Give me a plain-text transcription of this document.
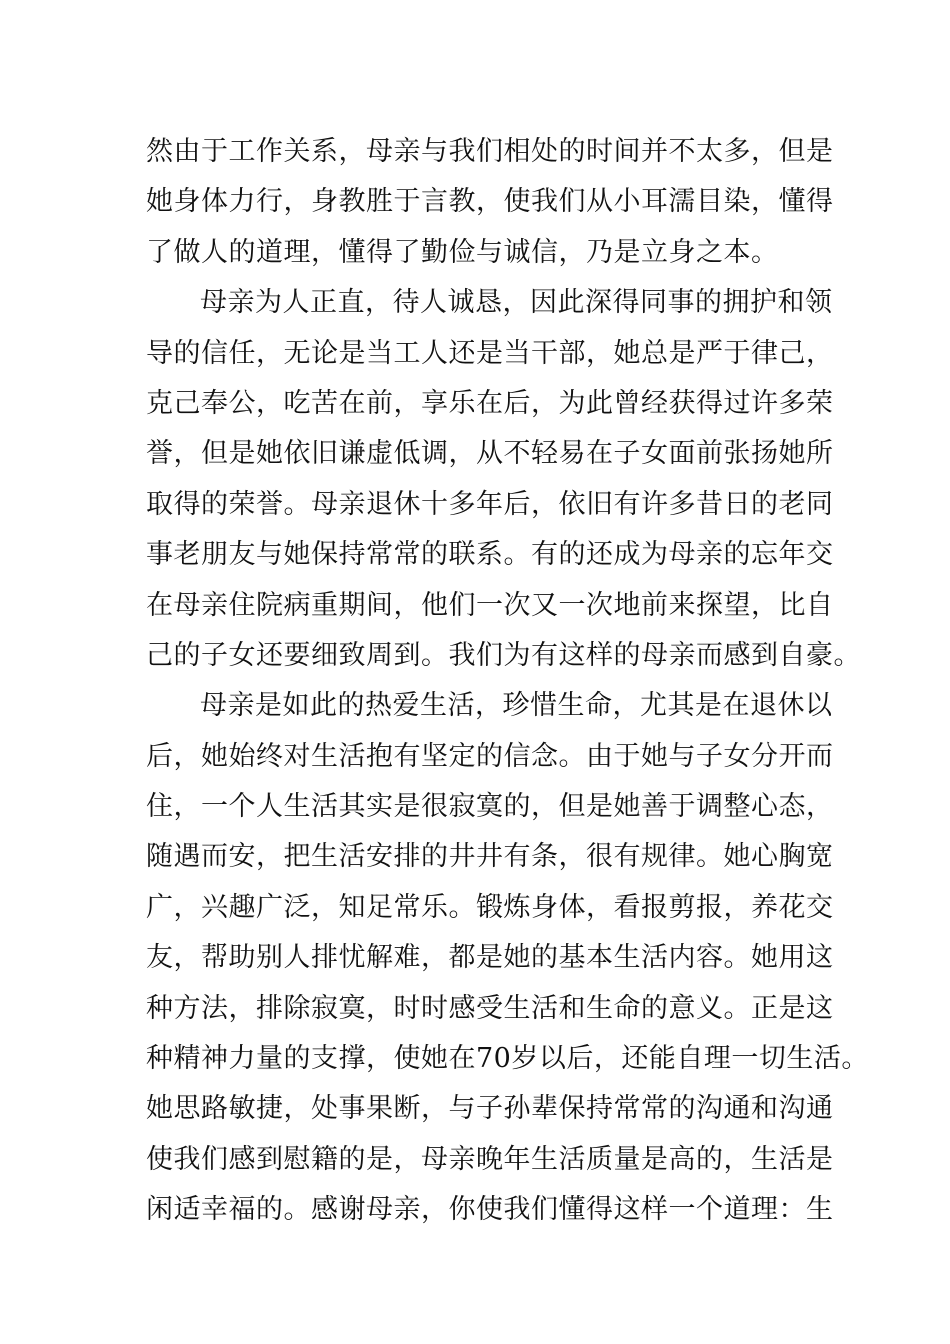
然由于工作关系，母亲与我们相处的时间并不太多，但是
她身体力行，身教胜于言教，使我们从小耳濡目染，懂得
了做人的道理，懂得了勤俭与诚信，乃是立身之本。
母亲为人正直，待人诚恳，因此深得同事的拥护和领
导的信任，无论是当工人还是当干部，她总是严于律己，
克己奉公，吃苦在前，享乐在后，为此曾经获得过许多荣
誉，但是她依旧谦虚低调，从不轻易在子女面前张扬她所
取得的荣誉。母亲退休十多年后，依旧有许多昔日的老同
事老朋友与她保持常常的联系。有的还成为母亲的忘年交
在母亲住院病重期间，他们一次又一次地前来探望，比自
己的子女还要细致周到。我们为有这样的母亲而感到自豪。
母亲是如此的热爱生活，珍惜生命，尤其是在退休以
后，她始终对生活抱有坚定的信念。由于她与子女分开而
住，一个人生活其实是很寂寞的，但是她善于调整心态，
随遇而安，把生活安排的井井有条，很有规律。她心胸宽
广，兴趣广泛，知足常乐。锻炼身体，看报剪报，养花交
友，帮助别人排忧解难，都是她的基本生活内容。她用这
种方法，排除寂寞，时时感受生活和生命的意义。正是这
种精神力量的支撑，使她在70岁以后，还能自理一切生活。
她思路敏捷，处事果断，与子孙辈保持常常的沟通和沟通
使我们感到慰籍的是，母亲晚年生活质量是高的，生活是
闲适幸福的。感谢母亲，你使我们懂得这样一个道理：生
